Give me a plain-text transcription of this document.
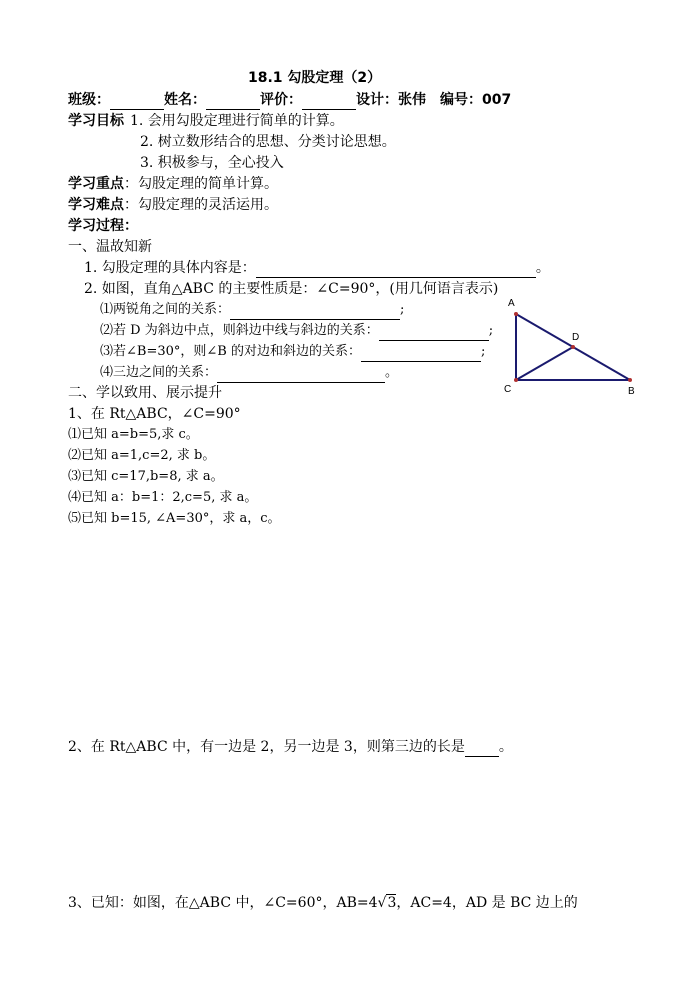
18.1 勾股定理（2）
班级：	姓名：	评价：	设计：张伟 编号：007
学习目标 1. 会用勾股定理进行简单的计算。
2. 树立数形结合的思想、分类讨论思想。
3. 积极参与，全心投入
学习重点：勾股定理的简单计算。
学习难点：勾股定理的灵活运用。
学习过程：
一、温故知新
1. 勾股定理的具体内容是：	。
2. 如图，直角△ABC 的主要性质是：∠C=90°，(用几何语言表示)
⑴两锐角之间的关系：	;
⑵若 D 为斜边中点，则斜边中线与斜边的关系：	;
⑶若∠B=30°，则∠B 的对边和斜边的关系：	;
⑷三边之间的关系：	。
A
C	B
D
二、学以致用、展示提升
1、在 Rt△ABC，∠C=90°
⑴已知 a=b=5,求 c。
⑵已知 a=1,c=2, 求 b。
⑶已知 c=17,b=8, 求 a。
⑷已知 a：b=1：2,c=5, 求 a。
⑸已知 b=15, ∠A=30°，求 a，c。
2、在 Rt△ABC 中，有一边是 2，另一边是 3，则第三边的长是 。
3、已知：如图，在△ABC 中，∠C=60°，AB=4√3，AC=4，AD 是 BC 边上的
